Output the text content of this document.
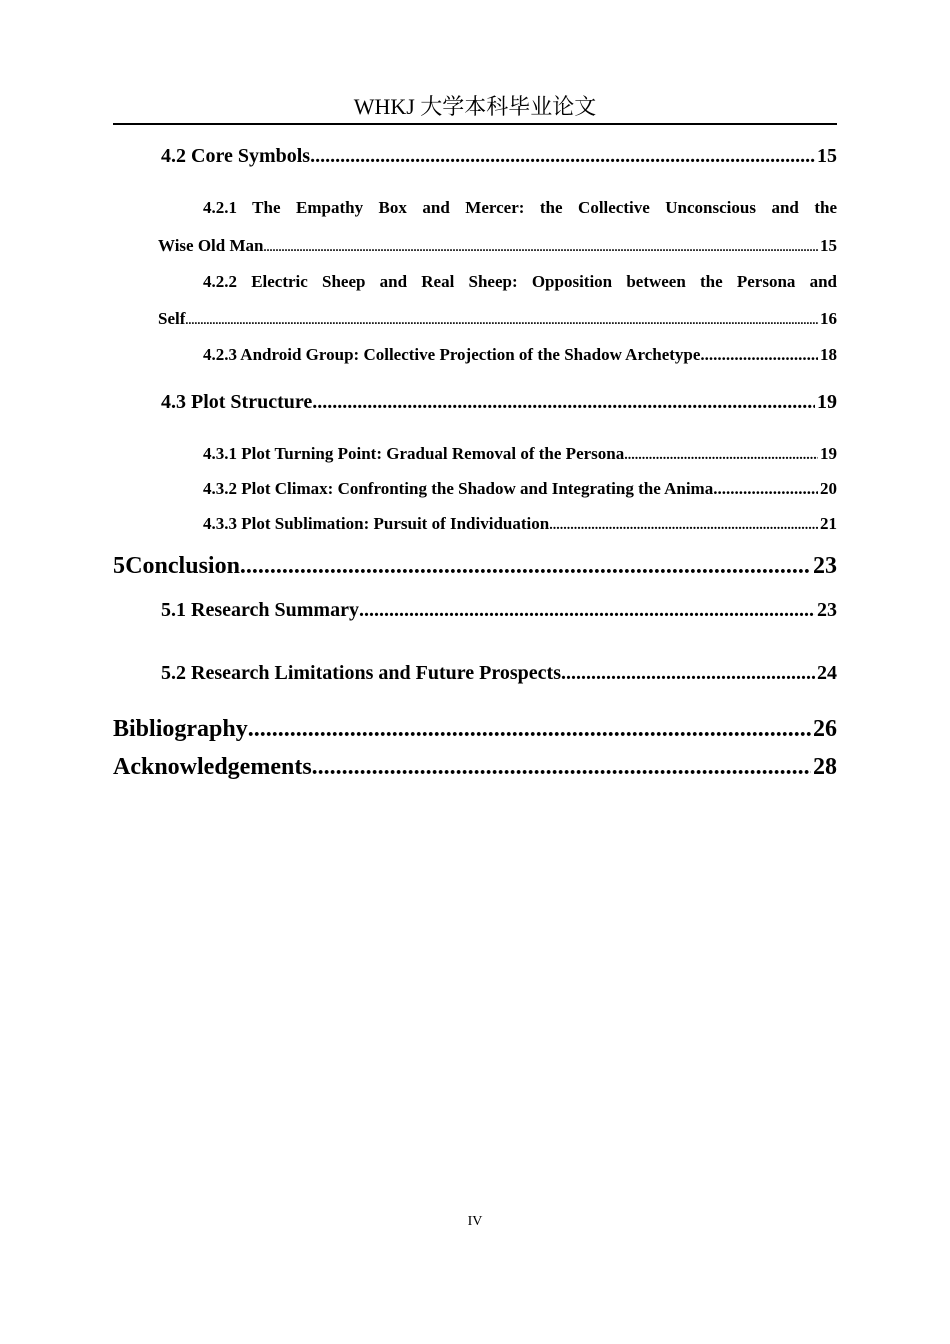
WHKJ 大学本科毕业论文
4.2 Core Symbols .....	15
4.2.1 The Empathy Box and Mercer: the Collective Unconscious and the
Wise Old Man .....	15
4.2.2 Electric Sheep and Real Sheep: Opposition between the Persona and
Self .....	16
4.2.3 Android Group: Collective Projection of the Shadow Archetype .....	18
4.3 Plot Structure .....	19
4.3.1 Plot Turning Point: Gradual Removal of the Persona .....	19
4.3.2 Plot Climax: Confronting the Shadow and Integrating the Anima .....	20
4.3.3 Plot Sublimation: Pursuit of Individuation .....	21
5 Conclusion .....	23
5.1 Research Summary .....	23
5.2 Research Limitations and Future Prospects .....	24
Bibliography .....	26
Acknowledgements .....	28
IV
